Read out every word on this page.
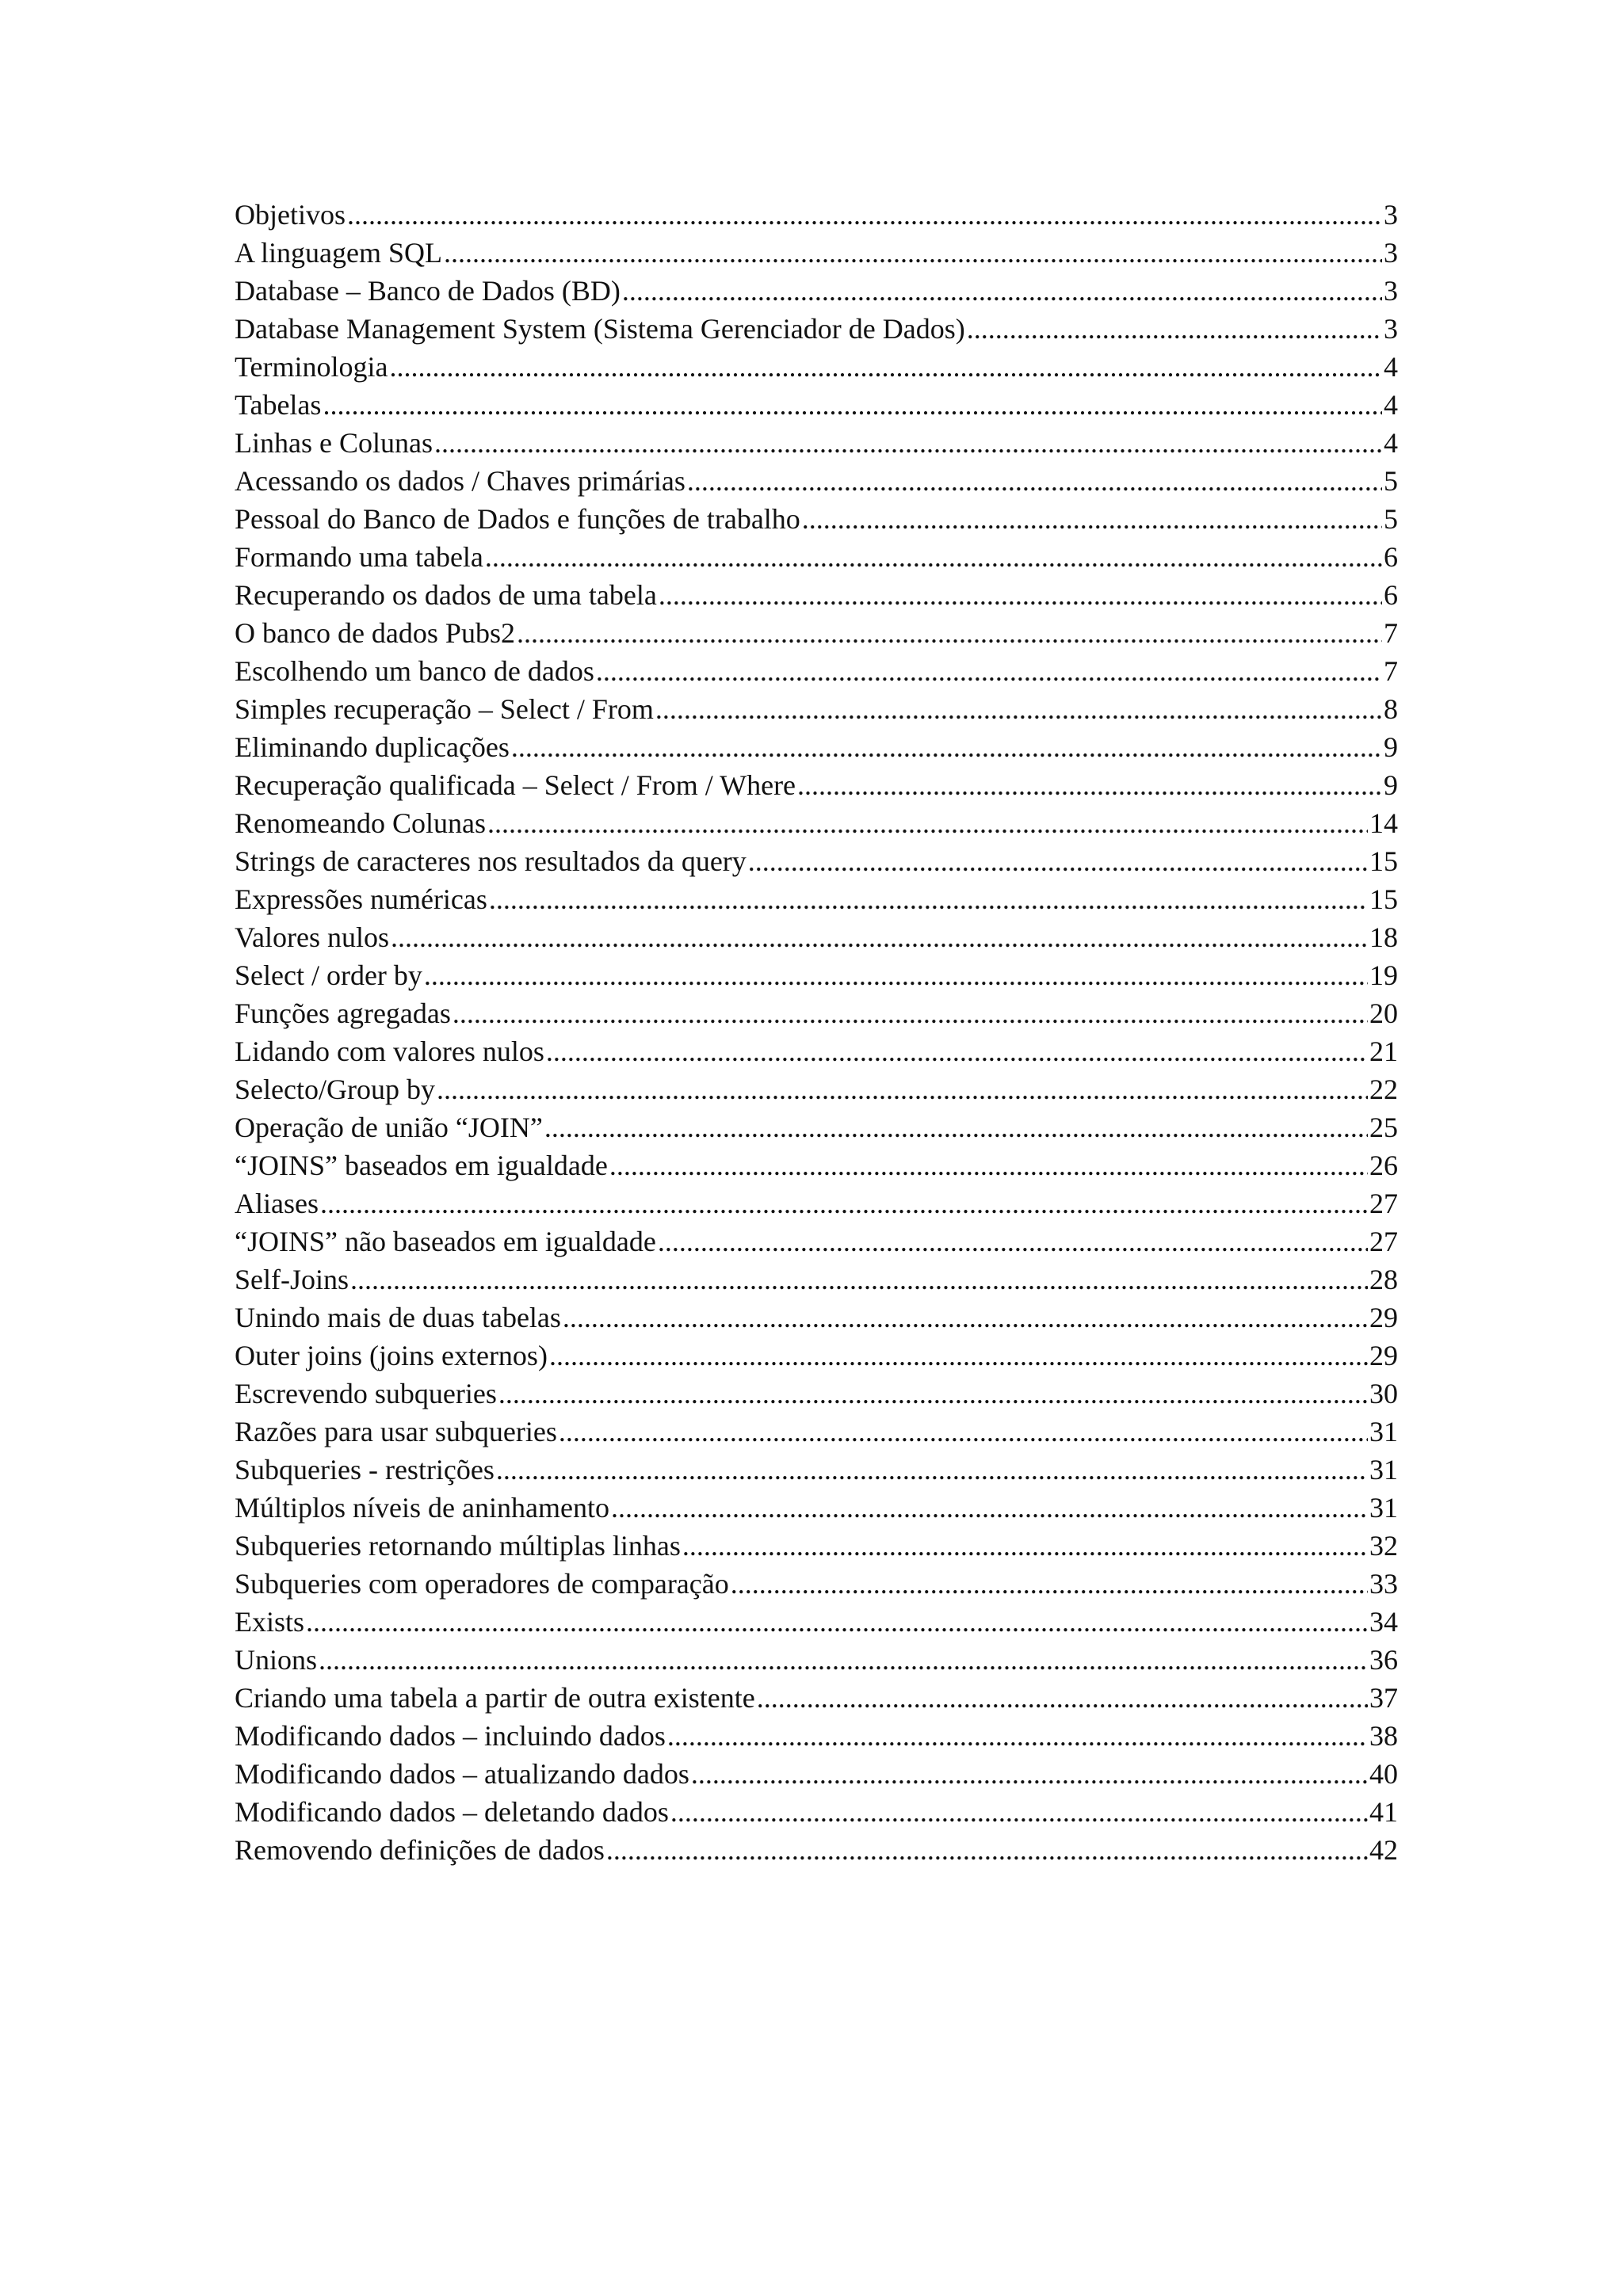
Objetivos .....	3
A linguagem SQL .....	3
Database – Banco de Dados (BD) .....	3
Database Management System (Sistema Gerenciador de Dados) .....	3
Terminologia .....	4
Tabelas .....	4
Linhas e Colunas .....	4
Acessando os dados / Chaves primárias .....	5
Pessoal do Banco de Dados e funções de trabalho .....	5
Formando uma tabela .....	6
Recuperando os dados de uma tabela .....	6
O banco de dados Pubs2 .....	7
Escolhendo um banco de dados .....	7
Simples recuperação – Select / From .....	8
Eliminando duplicações .....	9
Recuperação qualificada – Select / From / Where .....	9
Renomeando Colunas .....	14
Strings de caracteres nos resultados da query .....	15
Expressões numéricas .....	15
Valores nulos .....	18
Select / order by .....	19
Funções agregadas .....	20
Lidando com valores nulos .....	21
Selecto/Group by .....	22
Operação de união “JOIN” .....	25
“JOINS” baseados em igualdade .....	26
Aliases .....	27
“JOINS” não baseados em igualdade .....	27
Self-Joins .....	28
Unindo mais de duas tabelas .....	29
Outer joins (joins externos) .....	29
Escrevendo subqueries .....	30
Razões para usar subqueries .....	31
Subqueries - restrições .....	31
Múltiplos níveis de aninhamento .....	31
Subqueries retornando múltiplas linhas .....	32
Subqueries com operadores de comparação .....	33
Exists .....	34
Unions .....	36
Criando uma tabela a partir de outra existente .....	37
Modificando dados – incluindo dados .....	38
Modificando dados – atualizando dados .....	40
Modificando dados – deletando dados .....	41
Removendo definições de dados .....	42
